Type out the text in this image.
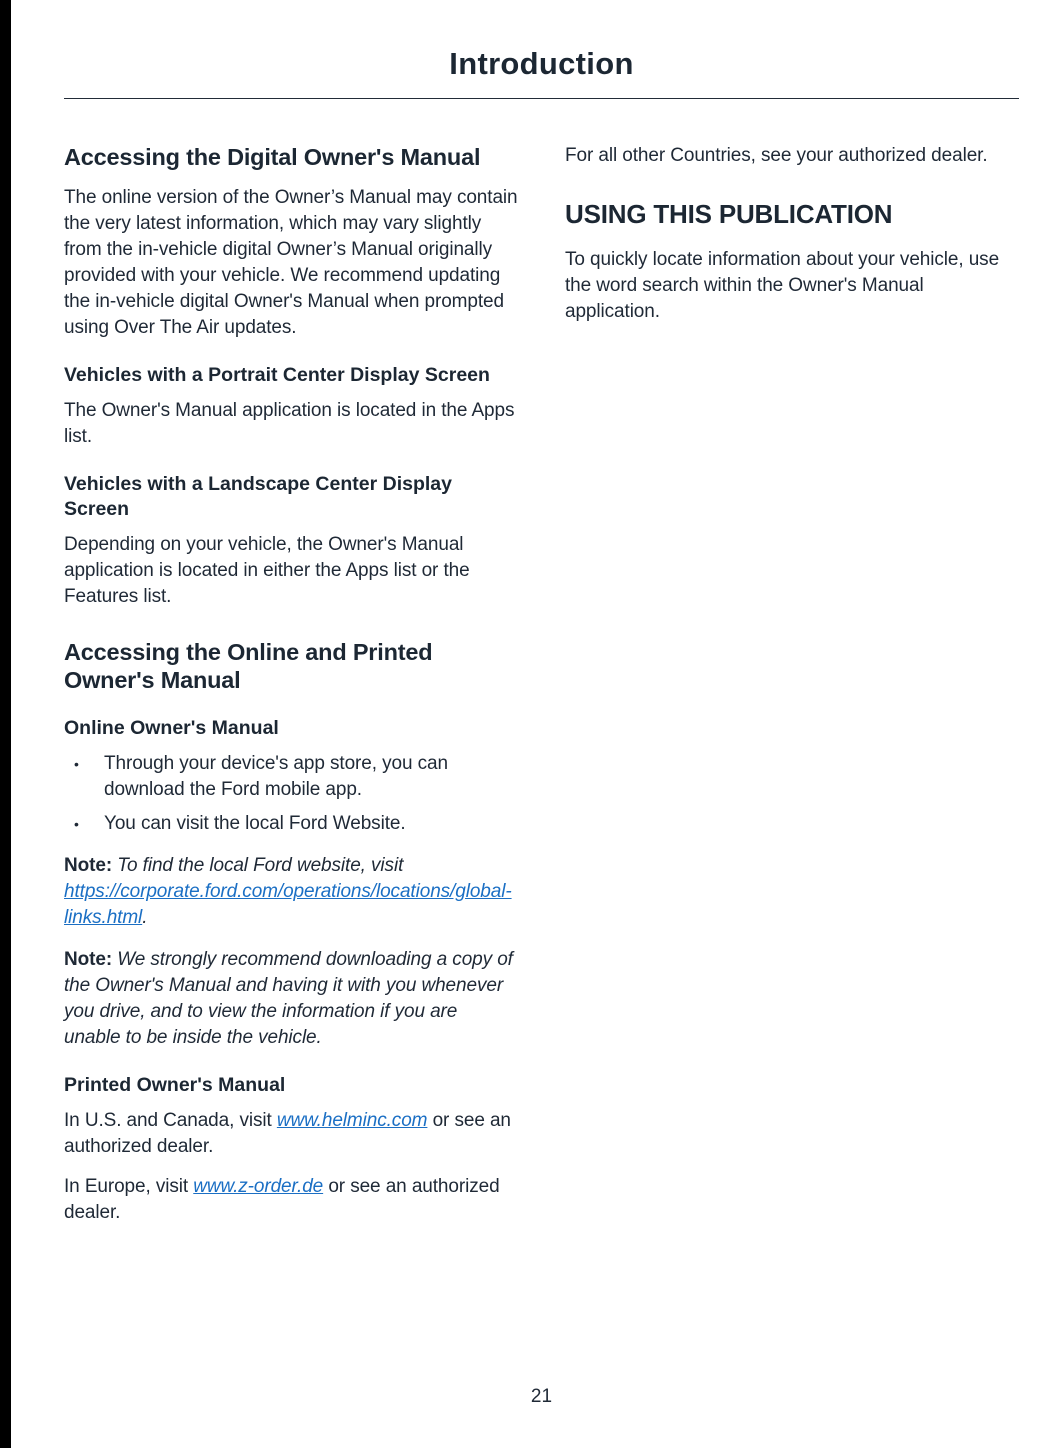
Introduction
Accessing the Digital Owner's Manual

The online version of the Owner’s Manual may contain the very latest information, which may vary slightly from the in-vehicle digital Owner’s Manual originally provided with your vehicle. We recommend updating the in-vehicle digital Owner's Manual when prompted using Over The Air updates.

Vehicles with a Portrait Center Display Screen

The Owner's Manual application is located in the Apps list.

Vehicles with a Landscape Center Display Screen

Depending on your vehicle, the Owner's Manual application is located in either the Apps list or the Features list.

Accessing the Online and Printed Owner's Manual
Online Owner's Manual
•	Through your device's app store, you can download the Ford mobile app.
•	You can visit the local Ford Website.

Note: To find the local Ford website, visit https://corporate.ford.com/operations/locations/global-links.html.

Note: We strongly recommend downloading a copy of the Owner's Manual and having it with you whenever you drive, and to view the information if you are unable to be inside the vehicle.

Printed Owner's Manual

In U.S. and Canada, visit www.helminc.com or see an authorized dealer.

In Europe, visit www.z-order.de or see an authorized dealer.

For all other Countries, see your authorized dealer.

USING THIS PUBLICATION

To quickly locate information about your vehicle, use the word search within the Owner's Manual application.

21
